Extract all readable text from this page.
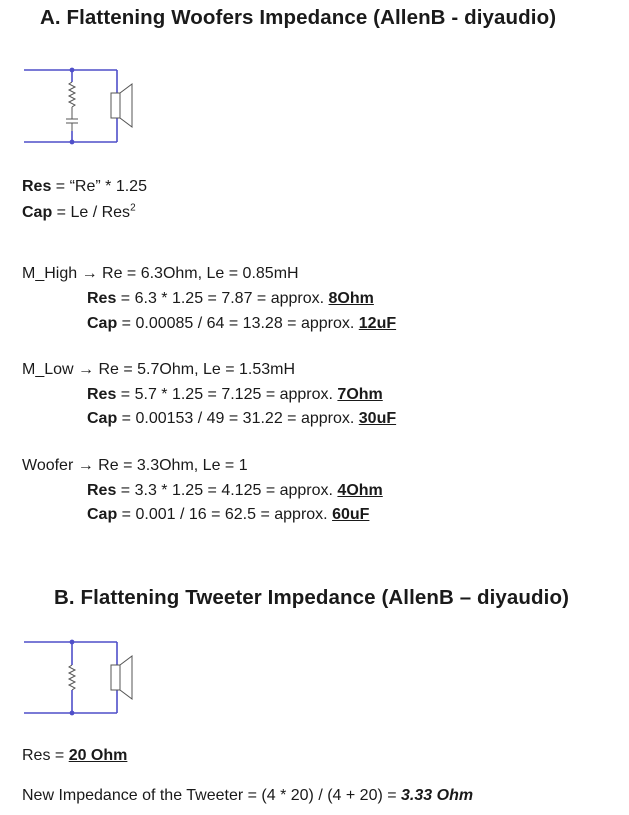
A. Flattening Woofers Impedance (AllenB - diyaudio)
Res = “Re” * 1.25
Cap = Le / Res$^2$
M_High → Re = 6.3Ohm, Le = 0.85mH
Res = 6.3 * 1.25 = 7.87 = approx. 8Ohm
Cap = 0.00085 / 64 = 13.28 = approx. 12uF
M_Low → Re = 5.7Ohm, Le = 1.53mH
Res = 5.7 * 1.25 = 7.125 = approx. 7Ohm
Cap = 0.00153 / 49 = 31.22 = approx. 30uF
Woofer → Re = 3.3Ohm, Le = 1
Res = 3.3 * 1.25 = 4.125 = approx. 4Ohm
Cap = 0.001 / 16 = 62.5 = approx. 60uF
B. Flattening Tweeter Impedance (AllenB – diyaudio)
Res = 20 Ohm
New Impedance of the Tweeter = (4 * 20) / (4 + 20) = 3.33 Ohm
